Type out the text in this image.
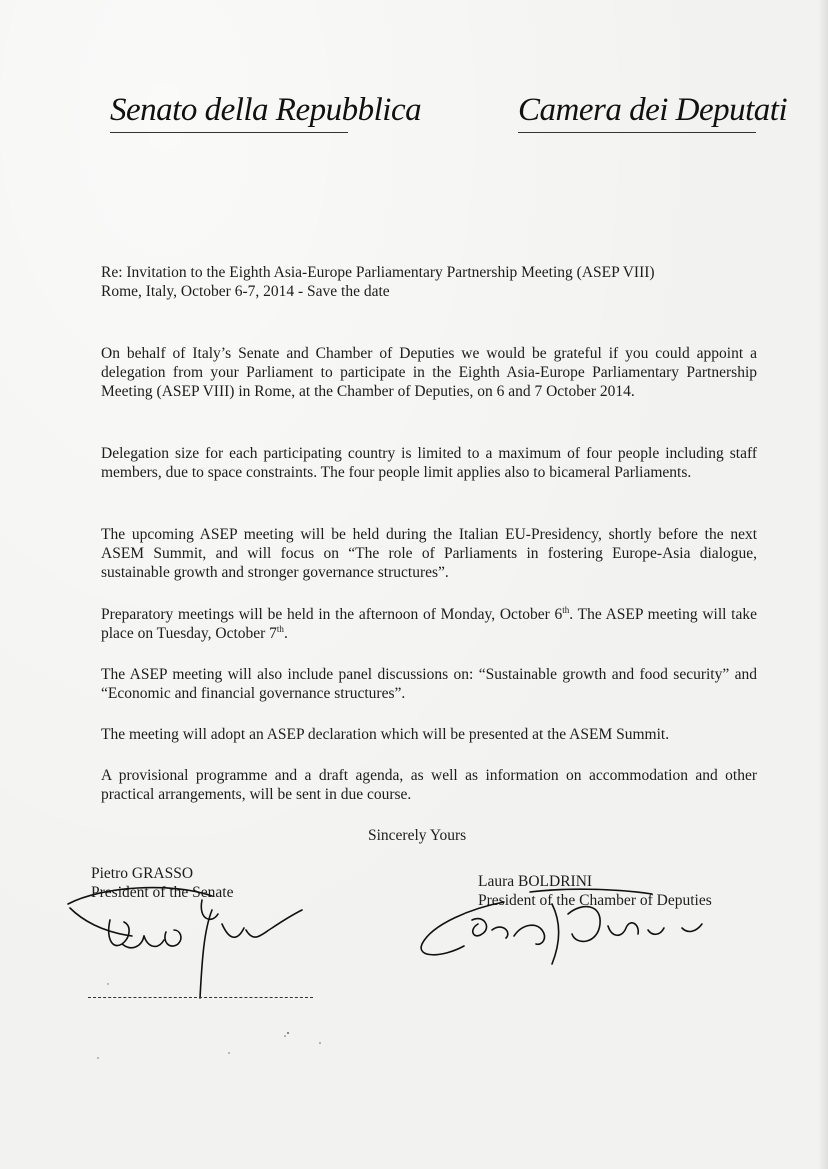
Senato della Repubblica	Camera dei Deputati
Re: Invitation to the Eighth Asia-Europe Parliamentary Partnership Meeting (ASEP VIII)
Rome, Italy, October 6-7, 2014 - Save the date
On behalf of Italy’s Senate and Chamber of Deputies we would be grateful if you could appoint a delegation from your Parliament to participate in the Eighth Asia-Europe Parliamentary Partnership Meeting (ASEP VIII) in Rome, at the Chamber of Deputies, on 6 and 7 October 2014.
Delegation size for each participating country is limited to a maximum of four people including staff members, due to space constraints. The four people limit applies also to bicameral Parliaments.
The upcoming ASEP meeting will be held during the Italian EU-Presidency, shortly before the next ASEM Summit, and will focus on “The role of Parliaments in fostering Europe-Asia dialogue, sustainable growth and stronger governance structures”.
Preparatory meetings will be held in the afternoon of Monday, October 6th. The ASEP meeting will take place on Tuesday, October 7th.
The ASEP meeting will also include panel discussions on: “Sustainable growth and food security” and “Economic and financial governance structures”.
The meeting will adopt an ASEP declaration which will be presented at the ASEM Summit.
A provisional programme and a draft agenda, as well as information on accommodation and other practical arrangements, will be sent in due course.
Sincerely Yours
Pietro GRASSO
President of the Senate
Laura BOLDRINI
President of the Chamber of Deputies
